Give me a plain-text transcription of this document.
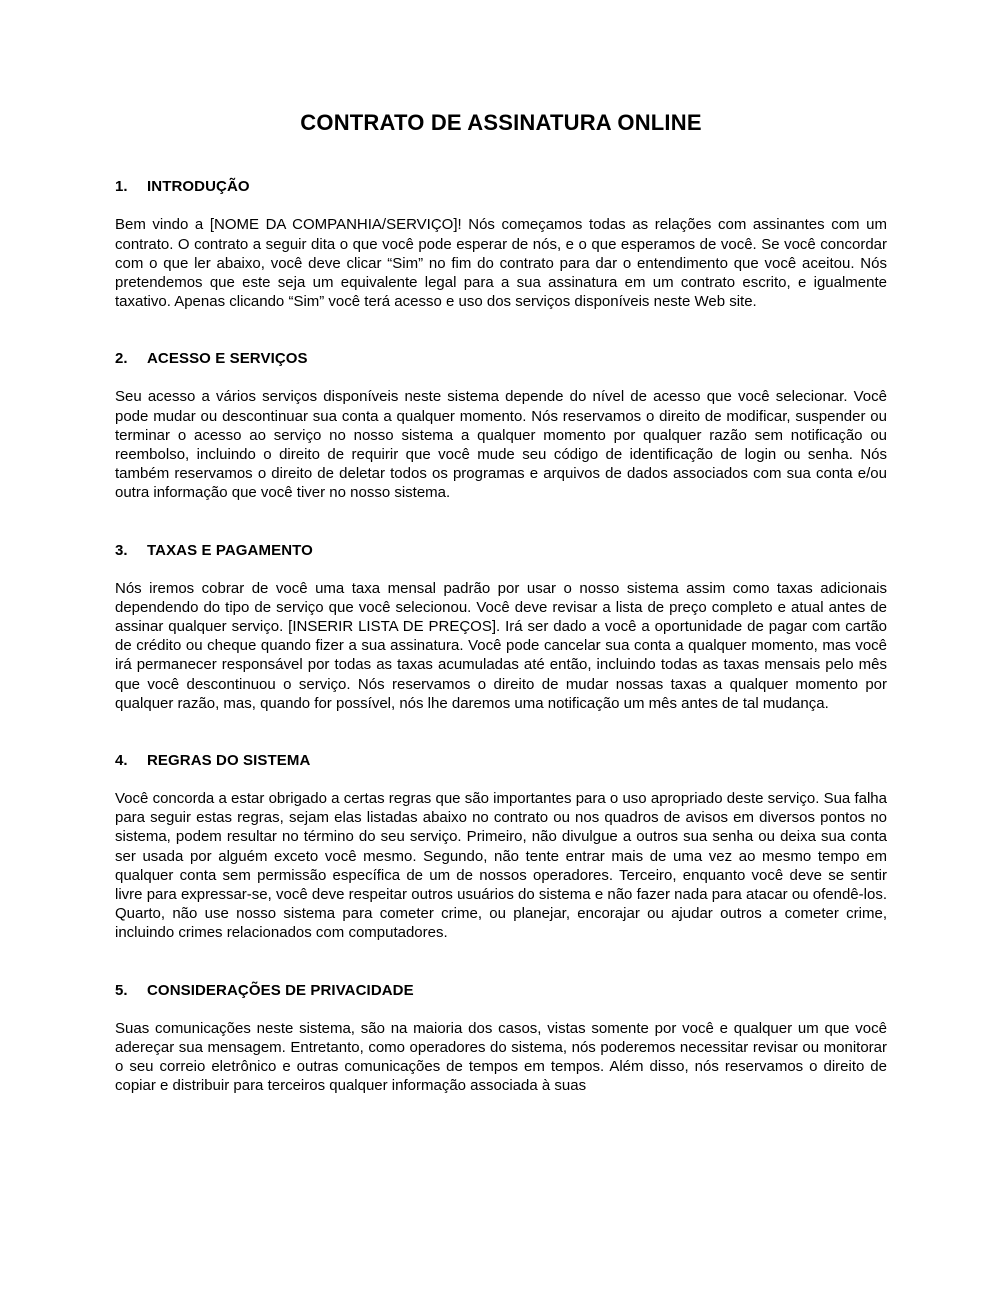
CONTRATO DE ASSINATURA ONLINE
1.	INTRODUÇÃO

Bem vindo a [NOME DA COMPANHIA/SERVIÇO]! Nós começamos todas as relações com assinantes com um contrato. O contrato a seguir dita o que você pode esperar de nós, e o que esperamos de você. Se você concordar com o que ler abaixo, você deve clicar “Sim” no fim do contrato para dar o entendimento que você aceitou. Nós pretendemos que este seja um equivalente legal para a sua assinatura em um contrato escrito, e igualmente taxativo. Apenas clicando “Sim” você terá acesso e uso dos serviços disponíveis neste Web site.

2.	ACESSO E SERVIÇOS

Seu acesso a vários serviços disponíveis neste sistema depende do nível de acesso que você selecionar. Você pode mudar ou descontinuar sua conta a qualquer momento. Nós reservamos o direito de modificar, suspender ou terminar o acesso ao serviço no nosso sistema a qualquer momento por qualquer razão sem notificação ou reembolso, incluindo o direito de requirir que você mude seu código de identificação de login ou senha. Nós também reservamos o direito de deletar todos os programas e arquivos de dados associados com sua conta e/ou outra informação que você tiver no nosso sistema.

3.	TAXAS E PAGAMENTO

Nós iremos cobrar de você uma taxa mensal padrão por usar o nosso sistema assim como taxas adicionais dependendo do tipo de serviço que você selecionou. Você deve revisar a lista de preço completo e atual antes de assinar qualquer serviço. [INSERIR LISTA DE PREÇOS]. Irá ser dado a você a oportunidade de pagar com cartão de crédito ou cheque quando fizer a sua assinatura. Você pode cancelar sua conta a qualquer momento, mas você irá permanecer responsável por todas as taxas acumuladas até então, incluindo todas as taxas mensais pelo mês que você descontinuou o serviço. Nós reservamos o direito de mudar nossas taxas a qualquer momento por qualquer razão, mas, quando for possível, nós lhe daremos uma notificação um mês antes de tal mudança.

4.	REGRAS DO SISTEMA

Você concorda a estar obrigado a certas regras que são importantes para o uso apropriado deste serviço. Sua falha para seguir estas regras, sejam elas listadas abaixo no contrato ou nos quadros de avisos em diversos pontos no sistema, podem resultar no término do seu serviço. Primeiro, não divulgue a outros sua senha ou deixa sua conta ser usada por alguém exceto você mesmo. Segundo, não tente entrar mais de uma vez ao mesmo tempo em qualquer conta sem permissão específica de um de nossos operadores. Terceiro, enquanto você deve se sentir livre para expressar-se, você deve respeitar outros usuários do sistema e não fazer nada para atacar ou ofendê-los. Quarto, não use nosso sistema para cometer crime, ou planejar, encorajar ou ajudar outros a cometer crime, incluindo crimes relacionados com computadores.

5.	CONSIDERAÇÕES DE PRIVACIDADE

Suas comunicações neste sistema, são na maioria dos casos, vistas somente por você e qualquer um que você adereçar sua mensagem. Entretanto, como operadores do sistema, nós poderemos necessitar revisar ou monitorar o seu correio eletrônico e outras comunicações de tempos em tempos. Além disso, nós reservamos o direito de copiar e distribuir para terceiros qualquer informação associada à suas
